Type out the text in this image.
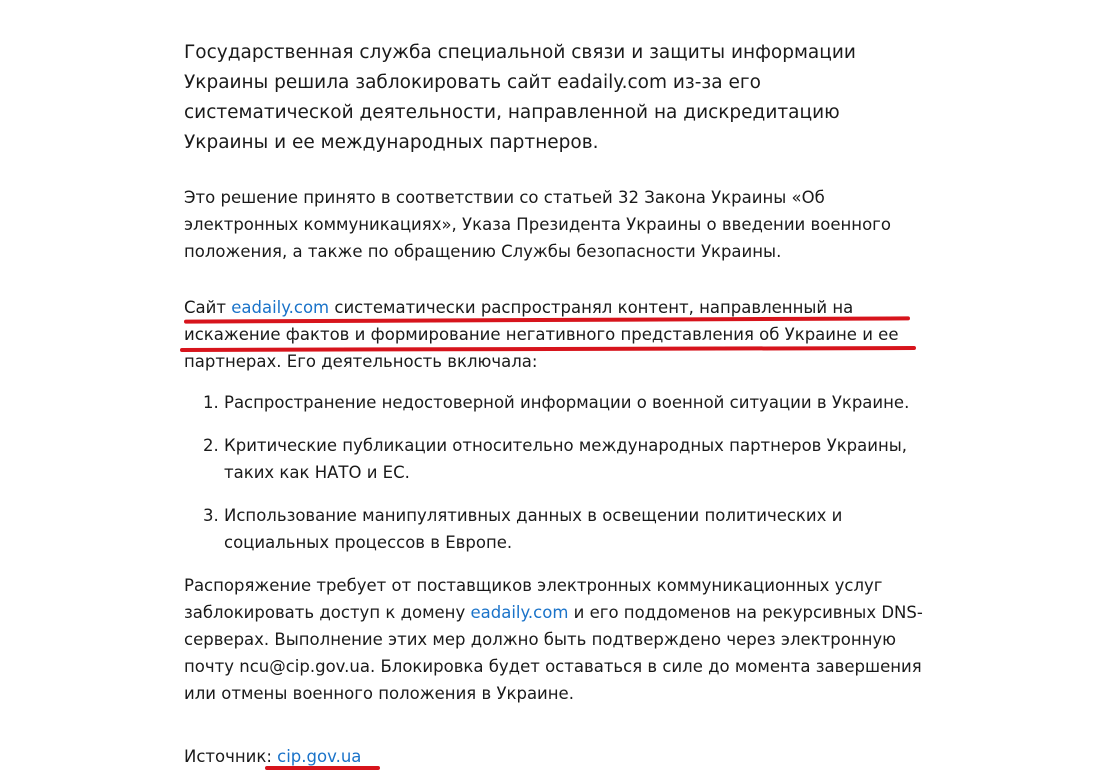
Государственная служба специальной связи и защиты информации Украины решила заблокировать сайт eadaily.com из-за его систематической деятельности, направленной на дискредитацию Украины и ее международных партнеров.

Это решение принято в соответствии со статьей 32 Закона Украины «Об электронных коммуникациях», Указа Президента Украины о введении военного положения, а также по обращению Службы безопасности Украины.

Сайт eadaily.com систематически распространял контент, направленный на искажение фактов и формирование негативного представления об Украине и ее партнерах. Его деятельность включала:

1. Распространение недостоверной информации о военной ситуации в Украине.
2. Критические публикации относительно международных партнеров Украины, таких как НАТО и ЕС.
3. Использование манипулятивных данных в освещении политических и социальных процессов в Европе.

Распоряжение требует от поставщиков электронных коммуникационных услуг заблокировать доступ к домену eadaily.com и его поддоменов на рекурсивных DNS-серверах. Выполнение этих мер должно быть подтверждено через электронную почту ncu@cip.gov.ua. Блокировка будет оставаться в силе до момента завершения или отмены военного положения в Украине.

Источник: cip.gov.ua
